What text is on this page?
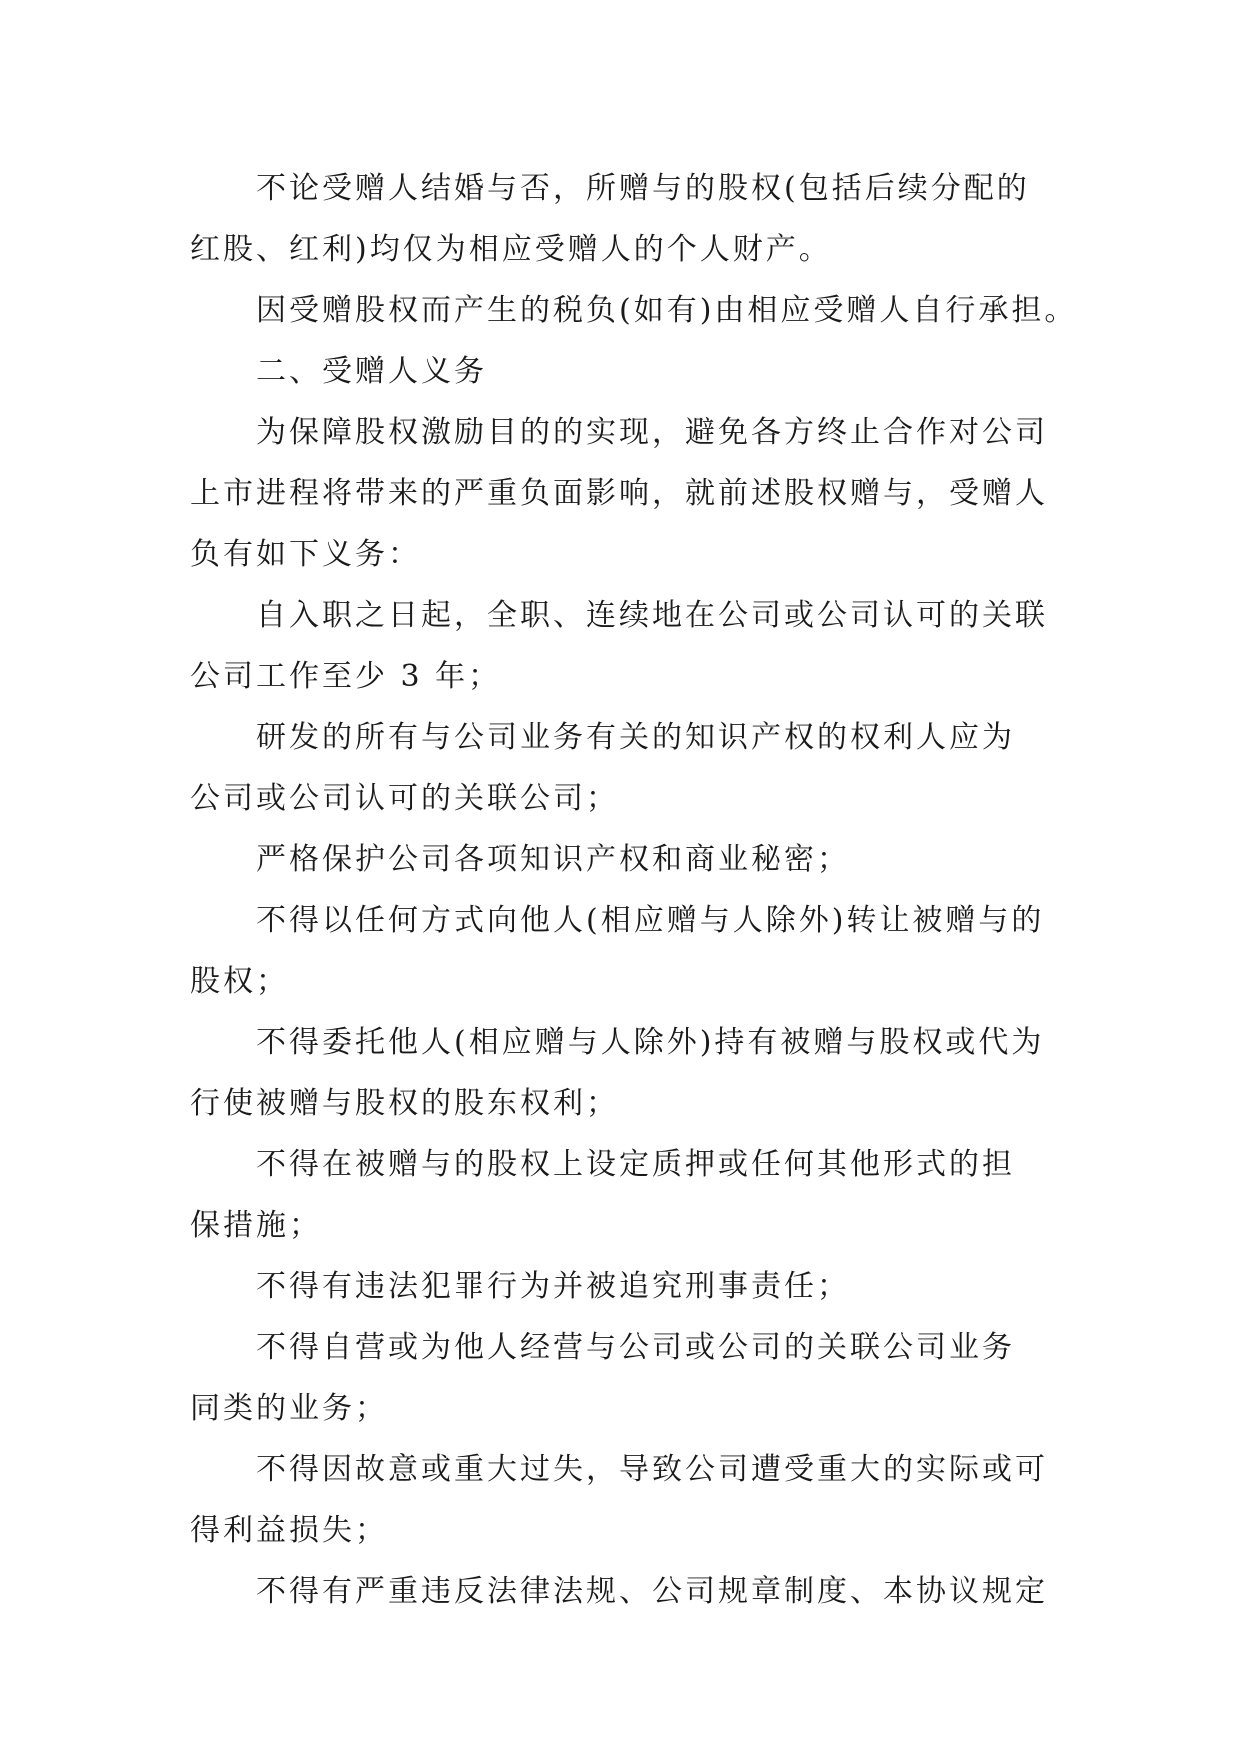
不论受赠人结婚与否，所赠与的股权(包括后续分配的
红股、红利)均仅为相应受赠人的个人财产。
因受赠股权而产生的税负(如有)由相应受赠人自行承担。
二、受赠人义务
为保障股权激励目的的实现，避免各方终止合作对公司
上市进程将带来的严重负面影响，就前述股权赠与，受赠人
负有如下义务：
自入职之日起，全职、连续地在公司或公司认可的关联
公司工作至少 3 年；
研发的所有与公司业务有关的知识产权的权利人应为
公司或公司认可的关联公司；
严格保护公司各项知识产权和商业秘密；
不得以任何方式向他人(相应赠与人除外)转让被赠与的
股权；
不得委托他人(相应赠与人除外)持有被赠与股权或代为
行使被赠与股权的股东权利；
不得在被赠与的股权上设定质押或任何其他形式的担
保措施；
不得有违法犯罪行为并被追究刑事责任；
不得自营或为他人经营与公司或公司的关联公司业务
同类的业务；
不得因故意或重大过失，导致公司遭受重大的实际或可
得利益损失；
不得有严重违反法律法规、公司规章制度、本协议规定
